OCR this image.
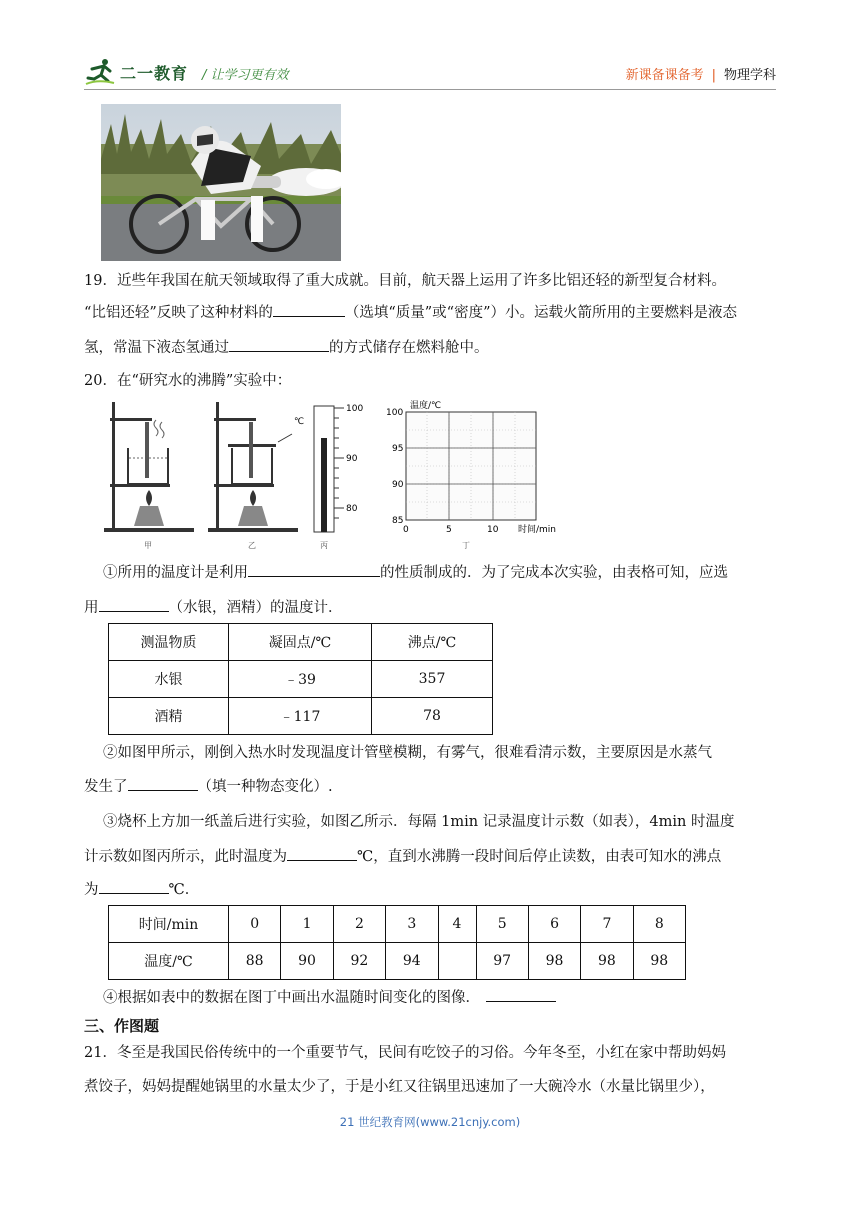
二一教育 / 让学习更有效	新课备课备考 | 物理学科
19．近些年我国在航天领域取得了重大成就。目前，航天器上运用了许多比铝还轻的新型复合材料。
“比铝还轻”反映了这种材料的	（选填“质量”或“密度”）小。运载火箭所用的主要燃料是液态
氢，常温下液态氢通过	的方式储存在燃料舱中。
20．在“研究水的沸腾”实验中：
甲	乙
℃
100
90
80
丙
温度/℃
100
95
90
85
0	5	10 时间/min
丁
①所用的温度计是利用	的性质制成的．为了完成本次实验，由表格可知，应选
用	（水银，酒精）的温度计．
测温物质	凝固点/℃	沸点/℃
水银	﹣39	357
酒精	﹣117	78
②如图甲所示，刚倒入热水时发现温度计管壁模糊，有雾气，很难看清示数，主要原因是水蒸气
发生了	（填一种物态变化）.
③烧杯上方加一纸盖后进行实验，如图乙所示．每隔 1min 记录温度计示数（如表），4min 时温度
计示数如图丙所示，此时温度为	℃，直到水沸腾一段时间后停止读数，由表可知水的沸点
为	℃．
时间/min	0	1	2	3	4	5	6	7	8
温度/℃	88	90	92	94		97	98	98	98
④根据如表中的数据在图丁中画出水温随时间变化的图像．
三、作图题
21．冬至是我国民俗传统中的一个重要节气，民间有吃饺子的习俗。今年冬至，小红在家中帮助妈妈
煮饺子，妈妈提醒她锅里的水量太少了，于是小红又往锅里迅速加了一大碗冷水（水量比锅里少），
21 世纪教育网(www.21cnjy.com)
